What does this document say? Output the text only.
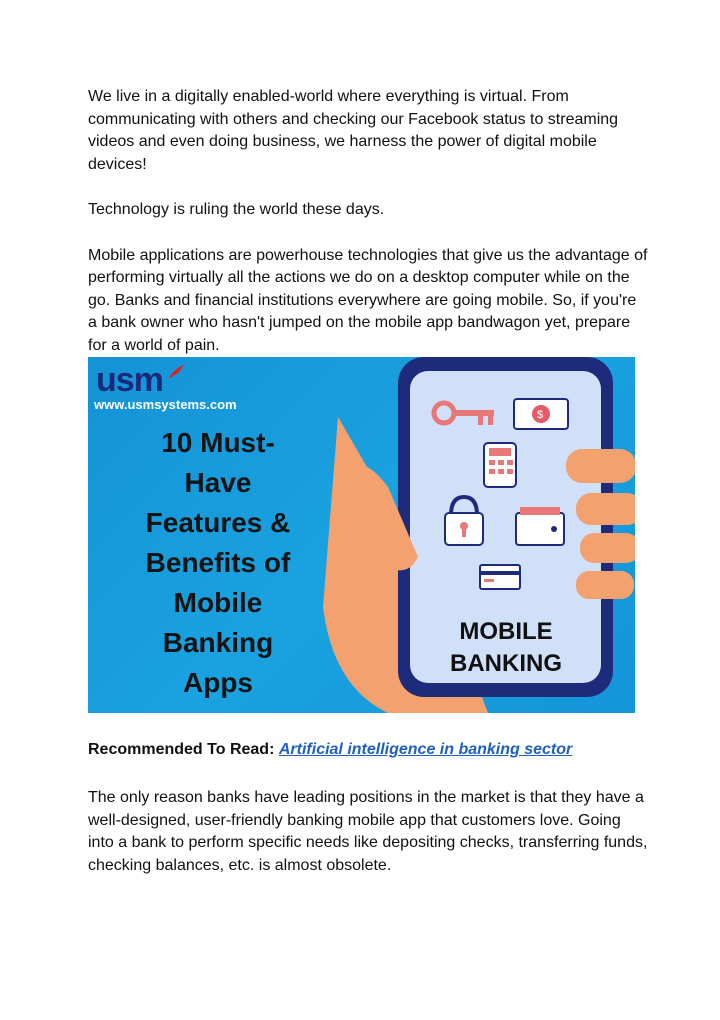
We live in a digitally enabled-world where everything is virtual. From communicating with others and checking our Facebook status to streaming videos and even doing business, we harness the power of digital mobile devices!

Technology is ruling the world these days.

Mobile applications are powerhouse technologies that give us the advantage of performing virtually all the actions we do on a desktop computer while on the go. Banks and financial institutions everywhere are going mobile. So, if you're a bank owner who hasn't jumped on the mobile app bandwagon yet, prepare for a world of pain.

usm
www.usmsystems.com
10 Must-
Have
Features &
Benefits of
Mobile
Banking
Apps
$
MOBILE
BANKING
Recommended To Read: Artificial intelligence in banking sector

The only reason banks have leading positions in the market is that they have a well-designed, user-friendly banking mobile app that customers love. Going into a bank to perform specific needs like depositing checks, transferring funds, checking balances, etc. is almost obsolete.
